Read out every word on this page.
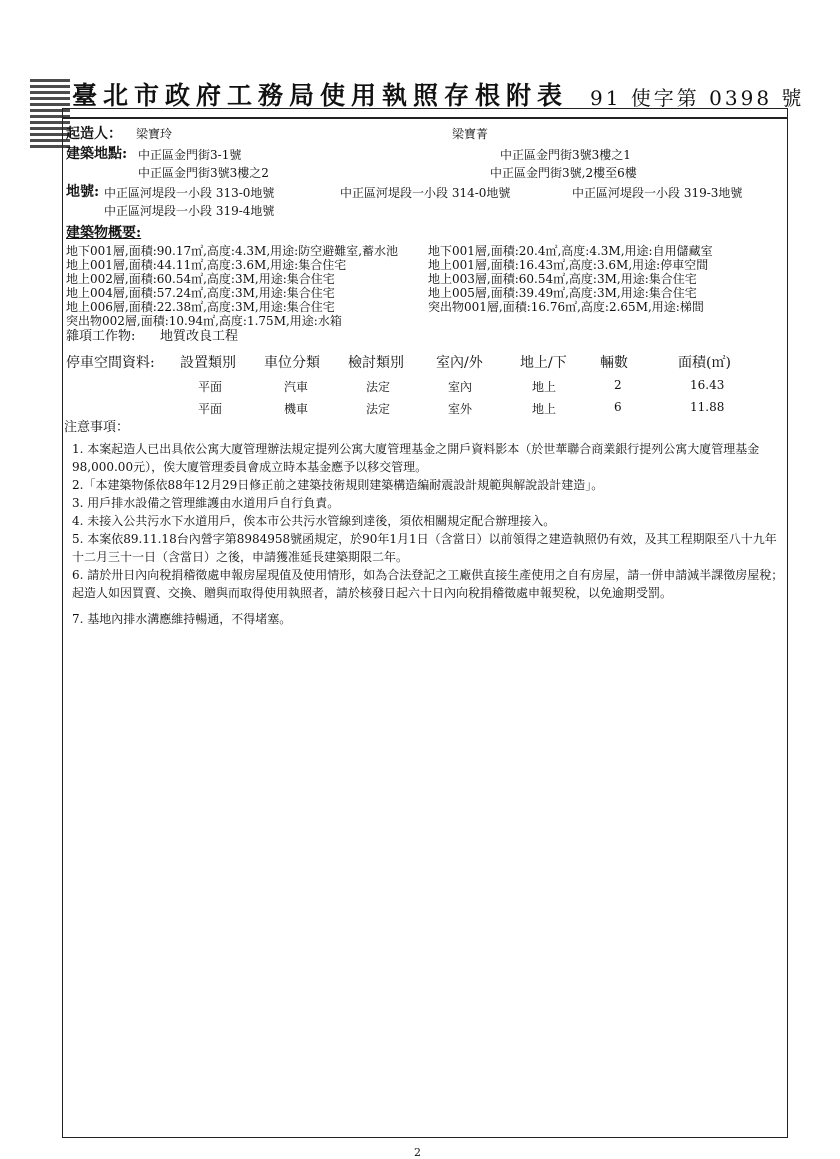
臺北市政府工務局使用執照存根附表 91 使字第 0398 號
起造人： 梁寶玲	梁寶菁
建築地點: 中正區金門街3-1號	中正區金門街3號3樓之1
中正區金門街3號3樓之2	中正區金門街3號,2樓至6樓
地號: 中正區河堤段一小段 313-0地號	中正區河堤段一小段 314-0地號	中正區河堤段一小段 319-3地號
中正區河堤段一小段 319-4地號
建築物概要:
地下001層,面積:90.17㎡,高度:4.3M,用途:防空避難室,蓄水池
地上001層,面積:44.11㎡,高度:3.6M,用途:集合住宅
地上002層,面積:60.54㎡,高度:3M,用途:集合住宅
地上004層,面積:57.24㎡,高度:3M,用途:集合住宅
地上006層,面積:22.38㎡,高度:3M,用途:集合住宅
突出物002層,面積:10.94㎡,高度:1.75M,用途:水箱
地下001層,面積:20.4㎡,高度:4.3M,用途:自用儲藏室
地上001層,面積:16.43㎡,高度:3.6M,用途:停車空間
地上003層,面積:60.54㎡,高度:3M,用途:集合住宅
地上005層,面積:39.49㎡,高度:3M,用途:集合住宅
突出物001層,面積:16.76㎡,高度:2.65M,用途:梯間
雜項工作物: 地質改良工程
停車空間資料: 設置類別 車位分類 檢討類別 室內/外	地上/下 輛數	面積(㎡)
平面	汽車	法定	室內	地上	2	16.43
平面	機車	法定	室外	地上	6	11.88
注意事項：
1. 本案起造人已出具依公寓大廈管理辦法規定提列公寓大廈管理基金之開戶資料影本（於世華聯合商業銀行提列公寓大廈管理基金98,000.00元），俟大廈管理委員會成立時本基金應予以移交管理。
2.「本建築物係依88年12月29日修正前之建築技術規則建築構造編耐震設計規範與解說設計建造」。
3. 用戶排水設備之管理維護由水道用戶自行負責。
4. 未接入公共污水下水道用戶，俟本市公共污水管線到達後，須依相關規定配合辦理接入。
5. 本案依89.11.18台內營字第8984958號函規定，於90年1月1日（含當日）以前領得之建造執照仍有效，及其工程期限至八十九年十二月三十一日（含當日）之後，申請獲准延長建築期限二年。
6. 請於卅日內向稅捐稽徵處申報房屋現值及使用情形，如為合法登記之工廠供直接生產使用之自有房屋，請一併申請減半課徵房屋稅；起造人如因買賣、交換、贈與而取得使用執照者，請於核發日起六十日內向稅捐稽徵處申報契稅，以免逾期受罰。
7. 基地內排水溝應維持暢通，不得堵塞。
2
